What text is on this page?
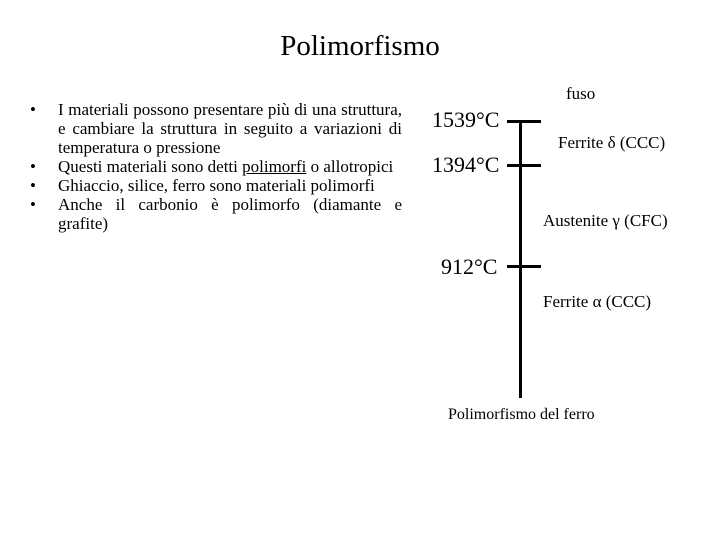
Polimorfismo
• I materiali possono presentare più di una struttura, e cambiare la struttura in seguito a variazioni di temperatura o pressione
• Questi materiali sono detti polimorfi o allotropici
• Ghiaccio, silice, ferro sono materiali polimorfi
• Anche il carbonio è polimorfo (diamante e grafite)
fuso
1539°C
1394°C
912°C
Ferrite δ (CCC)
Austenite γ (CFC)
Ferrite α (CCC)
Polimorfismo del ferro
